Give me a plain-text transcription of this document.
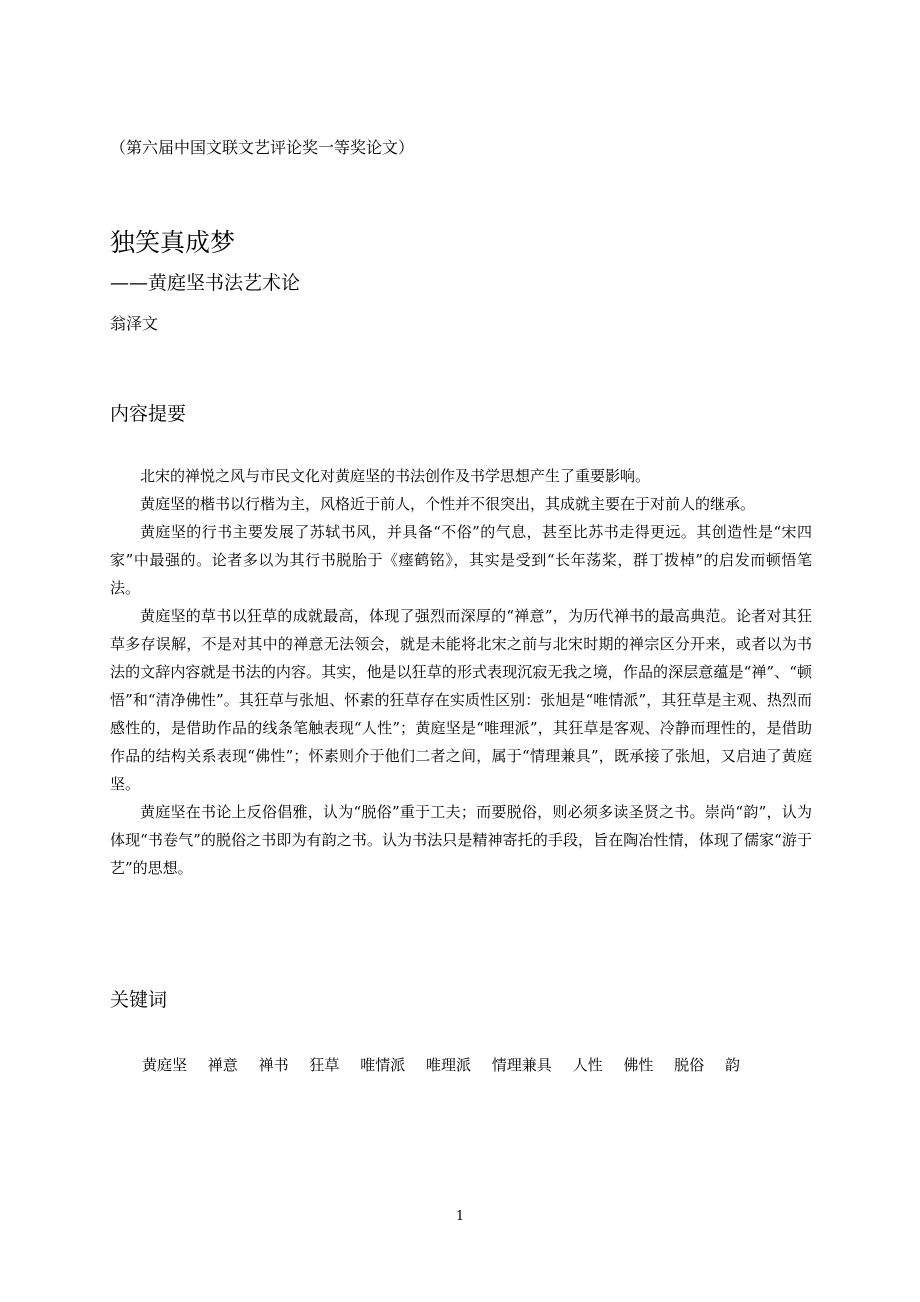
（第六届中国文联文艺评论奖一等奖论文）
独笑真成梦
——黄庭坚书法艺术论
翁泽文
内容提要

北宋的禅悦之风与市民文化对黄庭坚的书法创作及书学思想产生了重要影响。

黄庭坚的楷书以行楷为主，风格近于前人，个性并不很突出，其成就主要在于对前人的继承。

黄庭坚的行书主要发展了苏轼书风，并具备“不俗”的气息，甚至比苏书走得更远。其创造性是“宋四家”中最强的。论者多以为其行书脱胎于《瘗鹤铭》，其实是受到“长年荡桨，群丁拨棹”的启发而顿悟笔法。

黄庭坚的草书以狂草的成就最高，体现了强烈而深厚的“禅意”，为历代禅书的最高典范。论者对其狂草多存误解，不是对其中的禅意无法领会，就是未能将北宋之前与北宋时期的禅宗区分开来，或者以为书法的文辞内容就是书法的内容。其实，他是以狂草的形式表现沉寂无我之境，作品的深层意蕴是“禅”、“顿悟”和“清净佛性”。其狂草与张旭、怀素的狂草存在实质性区别：张旭是“唯情派”，其狂草是主观、热烈而感性的，是借助作品的线条笔触表现“人性”；黄庭坚是“唯理派”，其狂草是客观、冷静而理性的，是借助作品的结构关系表现“佛性”；怀素则介于他们二者之间，属于“情理兼具”，既承接了张旭，又启迪了黄庭坚。

黄庭坚在书论上反俗倡雅，认为“脱俗”重于工夫；而要脱俗，则必须多读圣贤之书。崇尚“韵”，认为体现“书卷气”的脱俗之书即为有韵之书。认为书法只是精神寄托的手段，旨在陶冶性情，体现了儒家“游于艺”的思想。

关键词
黄庭坚 禅意 禅书 狂草 唯情派 唯理派 情理兼具 人性 佛性 脱俗 韵
1
